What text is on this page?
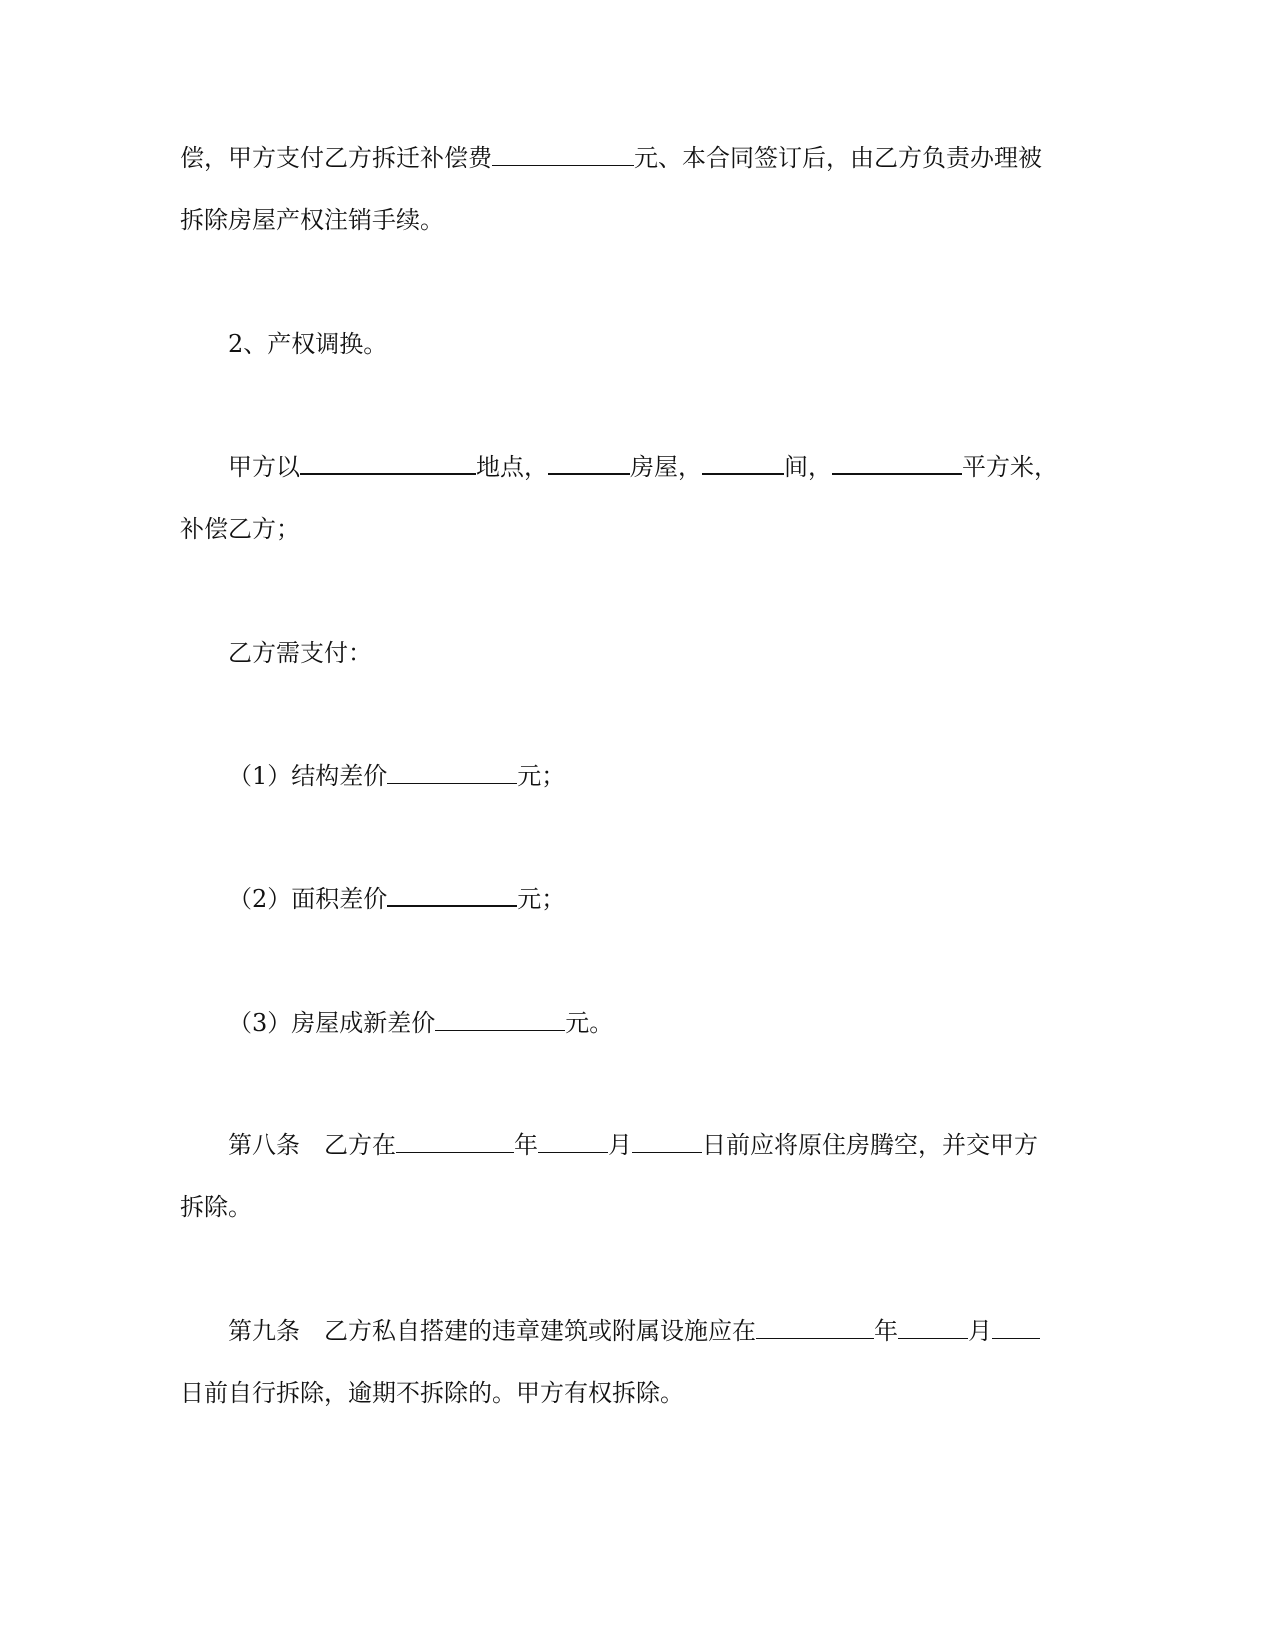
偿，甲方支付乙方拆迁补偿费	元、本合同签订后，由乙方负责办理被
拆除房屋产权注销手续。
2、产权调换。
甲方以	地点，	房屋，	间，	平方米，
补偿乙方；
乙方需支付：
（1）结构差价	元；
（2）面积差价	元；
（3）房屋成新差价	元。
第八条　乙方在	年	月	日前应将原住房腾空，并交甲方
拆除。
第九条　乙方私自搭建的违章建筑或附属设施应在	年	月
日前自行拆除，逾期不拆除的。甲方有权拆除。
